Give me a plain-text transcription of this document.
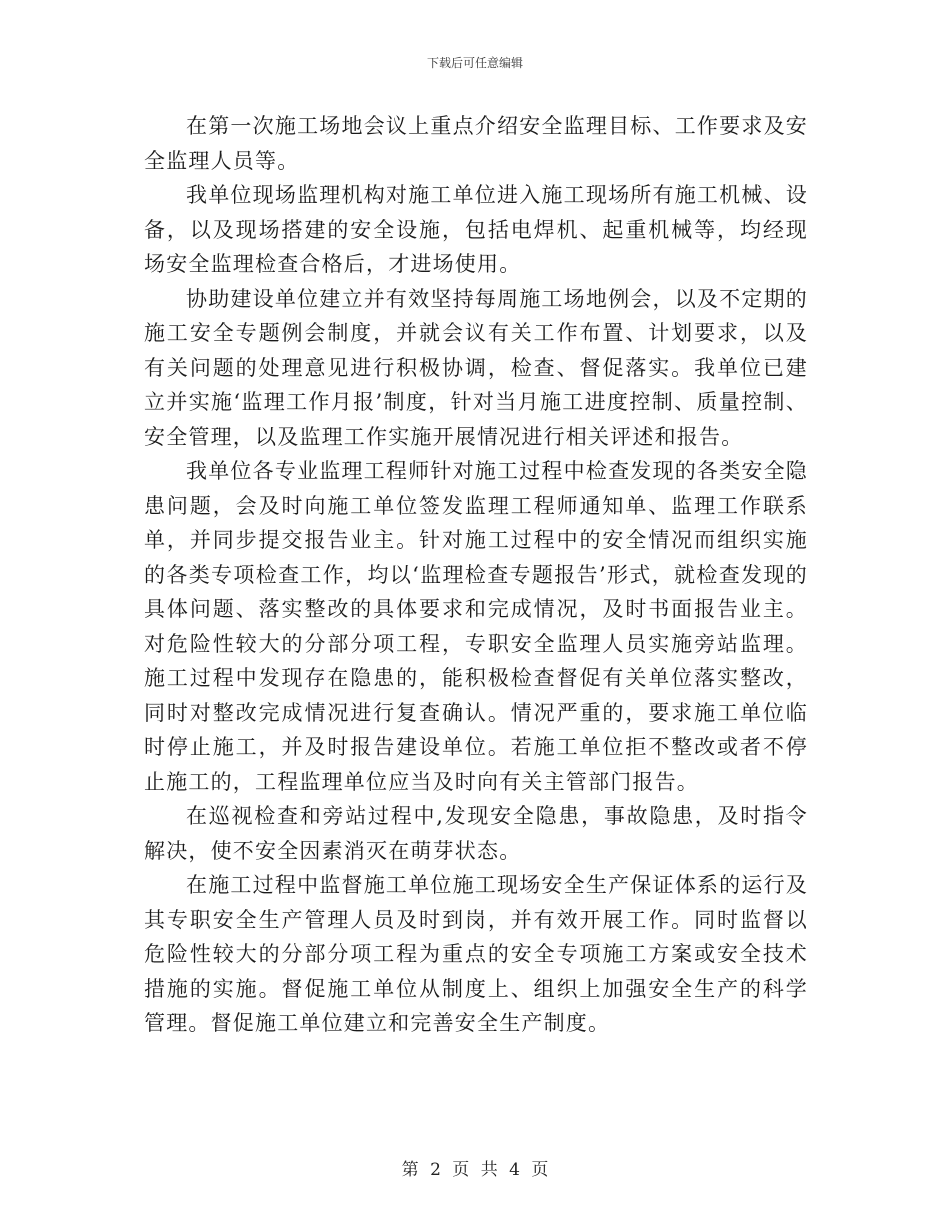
下载后可任意编辑

在第一次施工场地会议上重点介绍安全监理目标、工作要求及安全监理人员等。

我单位现场监理机构对施工单位进入施工现场所有施工机械、设备，以及现场搭建的安全设施，包括电焊机、起重机械等，均经现场安全监理检查合格后，才进场使用。

协助建设单位建立并有效坚持每周施工场地例会，以及不定期的施工安全专题例会制度，并就会议有关工作布置、计划要求，以及有关问题的处理意见进行积极协调，检查、督促落实。我单位已建立并实施‘监理工作月报’制度，针对当月施工进度控制、质量控制、安全管理，以及监理工作实施开展情况进行相关评述和报告。

我单位各专业监理工程师针对施工过程中检查发现的各类安全隐患问题，会及时向施工单位签发监理工程师通知单、监理工作联系单，并同步提交报告业主。针对施工过程中的安全情况而组织实施的各类专项检查工作，均以‘监理检查专题报告’形式，就检查发现的具体问题、落实整改的具体要求和完成情况，及时书面报告业主。对危险性较大的分部分项工程，专职安全监理人员实施旁站监理。施工过程中发现存在隐患的，能积极检查督促有关单位落实整改，同时对整改完成情况进行复查确认。情况严重的，要求施工单位临时停止施工，并及时报告建设单位。若施工单位拒不整改或者不停止施工的，工程监理单位应当及时向有关主管部门报告。

在巡视检查和旁站过程中,发现安全隐患，事故隐患，及时指令解决，使不安全因素消灭在萌芽状态。

在施工过程中监督施工单位施工现场安全生产保证体系的运行及其专职安全生产管理人员及时到岗，并有效开展工作。同时监督以危险性较大的分部分项工程为重点的安全专项施工方案或安全技术措施的实施。督促施工单位从制度上、组织上加强安全生产的科学管理。督促施工单位建立和完善安全生产制度。

第 2 页 共 4 页
